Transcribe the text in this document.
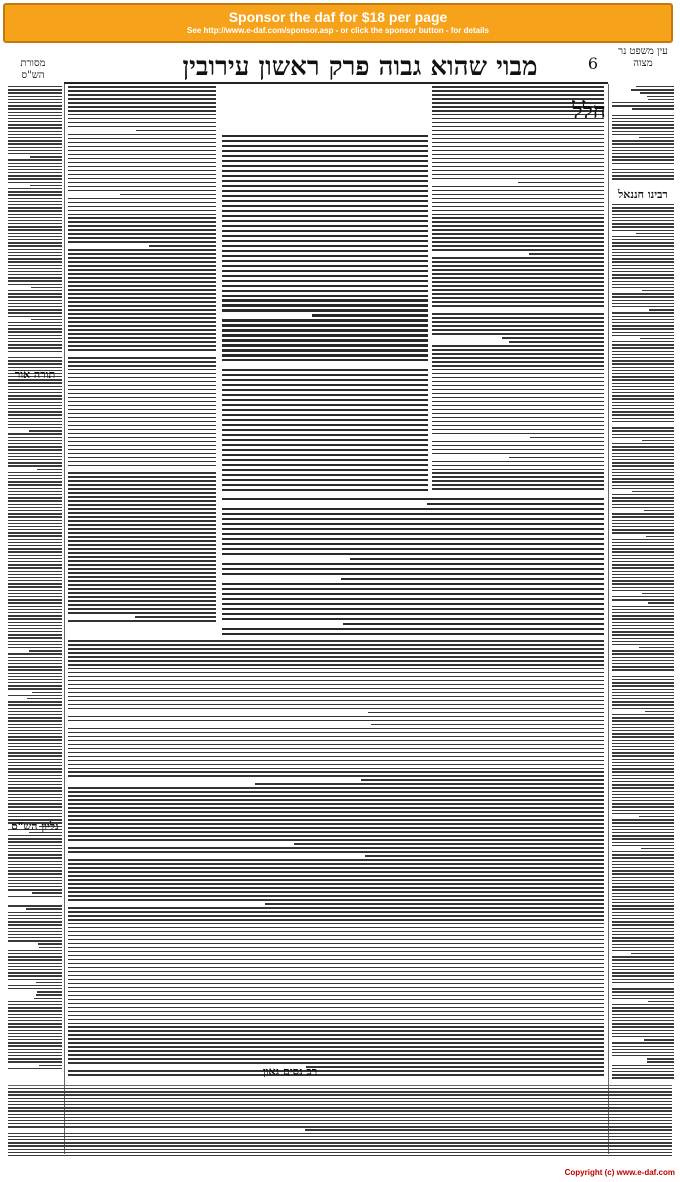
Sponsor the daf for $18 per page
See http://www.e-daf.com/sponsor.asp - or click the sponsor button - for details
מבוי שהוא גבוה פרק ראשון עירובין	6
עין משפט נר מצוה
מסורת הש"ס
תורה אור
גליון הש"ס
חלל
רבינו חננאל
רב נסים גאון
Copyright (c) www.e-daf.com
